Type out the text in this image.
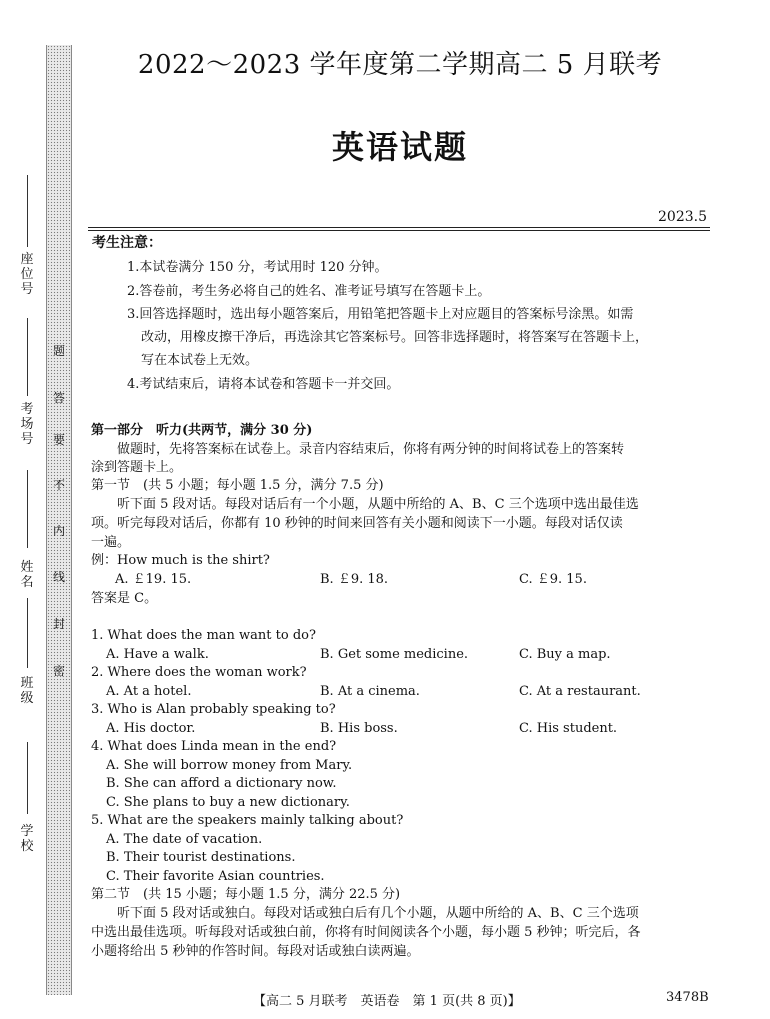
题
答
要
不
内
线
封
密
座位号
考场号
姓名
班级
学校
2022～2023 学年度第二学期高二 5 月联考
英语试题
2023.5
考生注意：
1.本试卷满分 150 分，考试用时 120 分钟。
2.答卷前，考生务必将自己的姓名、准考证号填写在答题卡上。
3.回答选择题时，选出每小题答案后，用铅笔把答题卡上对应题目的答案标号涂黑。如需
改动，用橡皮擦干净后，再选涂其它答案标号。回答非选择题时，将答案写在答题卡上，
写在本试卷上无效。
4.考试结束后，请将本试卷和答题卡一并交回。
第一部分　听力(共两节，满分 30 分)
做题时，先将答案标在试卷上。录音内容结束后，你将有两分钟的时间将试卷上的答案转
涂到答题卡上。
第一节　(共 5 小题；每小题 1.5 分，满分 7.5 分)
听下面 5 段对话。每段对话后有一个小题，从题中所给的 A、B、C 三个选项中选出最佳选
项。听完每段对话后，你都有 10 秒钟的时间来回答有关小题和阅读下一小题。每段对话仅读
一遍。
例：How much is the shirt?
A. ￡19. 15.	B. ￡9. 18.	C. ￡9. 15.
答案是 C。
1. What does the man want to do?
A. Have a walk.	B. Get some medicine.	C. Buy a map.
2. Where does the woman work?
A. At a hotel.	B. At a cinema.	C. At a restaurant.
3. Who is Alan probably speaking to?
A. His doctor.	B. His boss.	C. His student.
4. What does Linda mean in the end?
A. She will borrow money from Mary.
B. She can afford a dictionary now.
C. She plans to buy a new dictionary.
5. What are the speakers mainly talking about?
A. The date of vacation.
B. Their tourist destinations.
C. Their favorite Asian countries.
第二节　(共 15 小题；每小题 1.5 分，满分 22.5 分)
听下面 5 段对话或独白。每段对话或独白后有几个小题，从题中所给的 A、B、C 三个选项
中选出最佳选项。听每段对话或独白前，你将有时间阅读各个小题，每小题 5 秒钟；听完后，各
小题将给出 5 秒钟的作答时间。每段对话或独白读两遍。
【高二 5 月联考　英语卷　第 1 页(共 8 页)】	3478B
